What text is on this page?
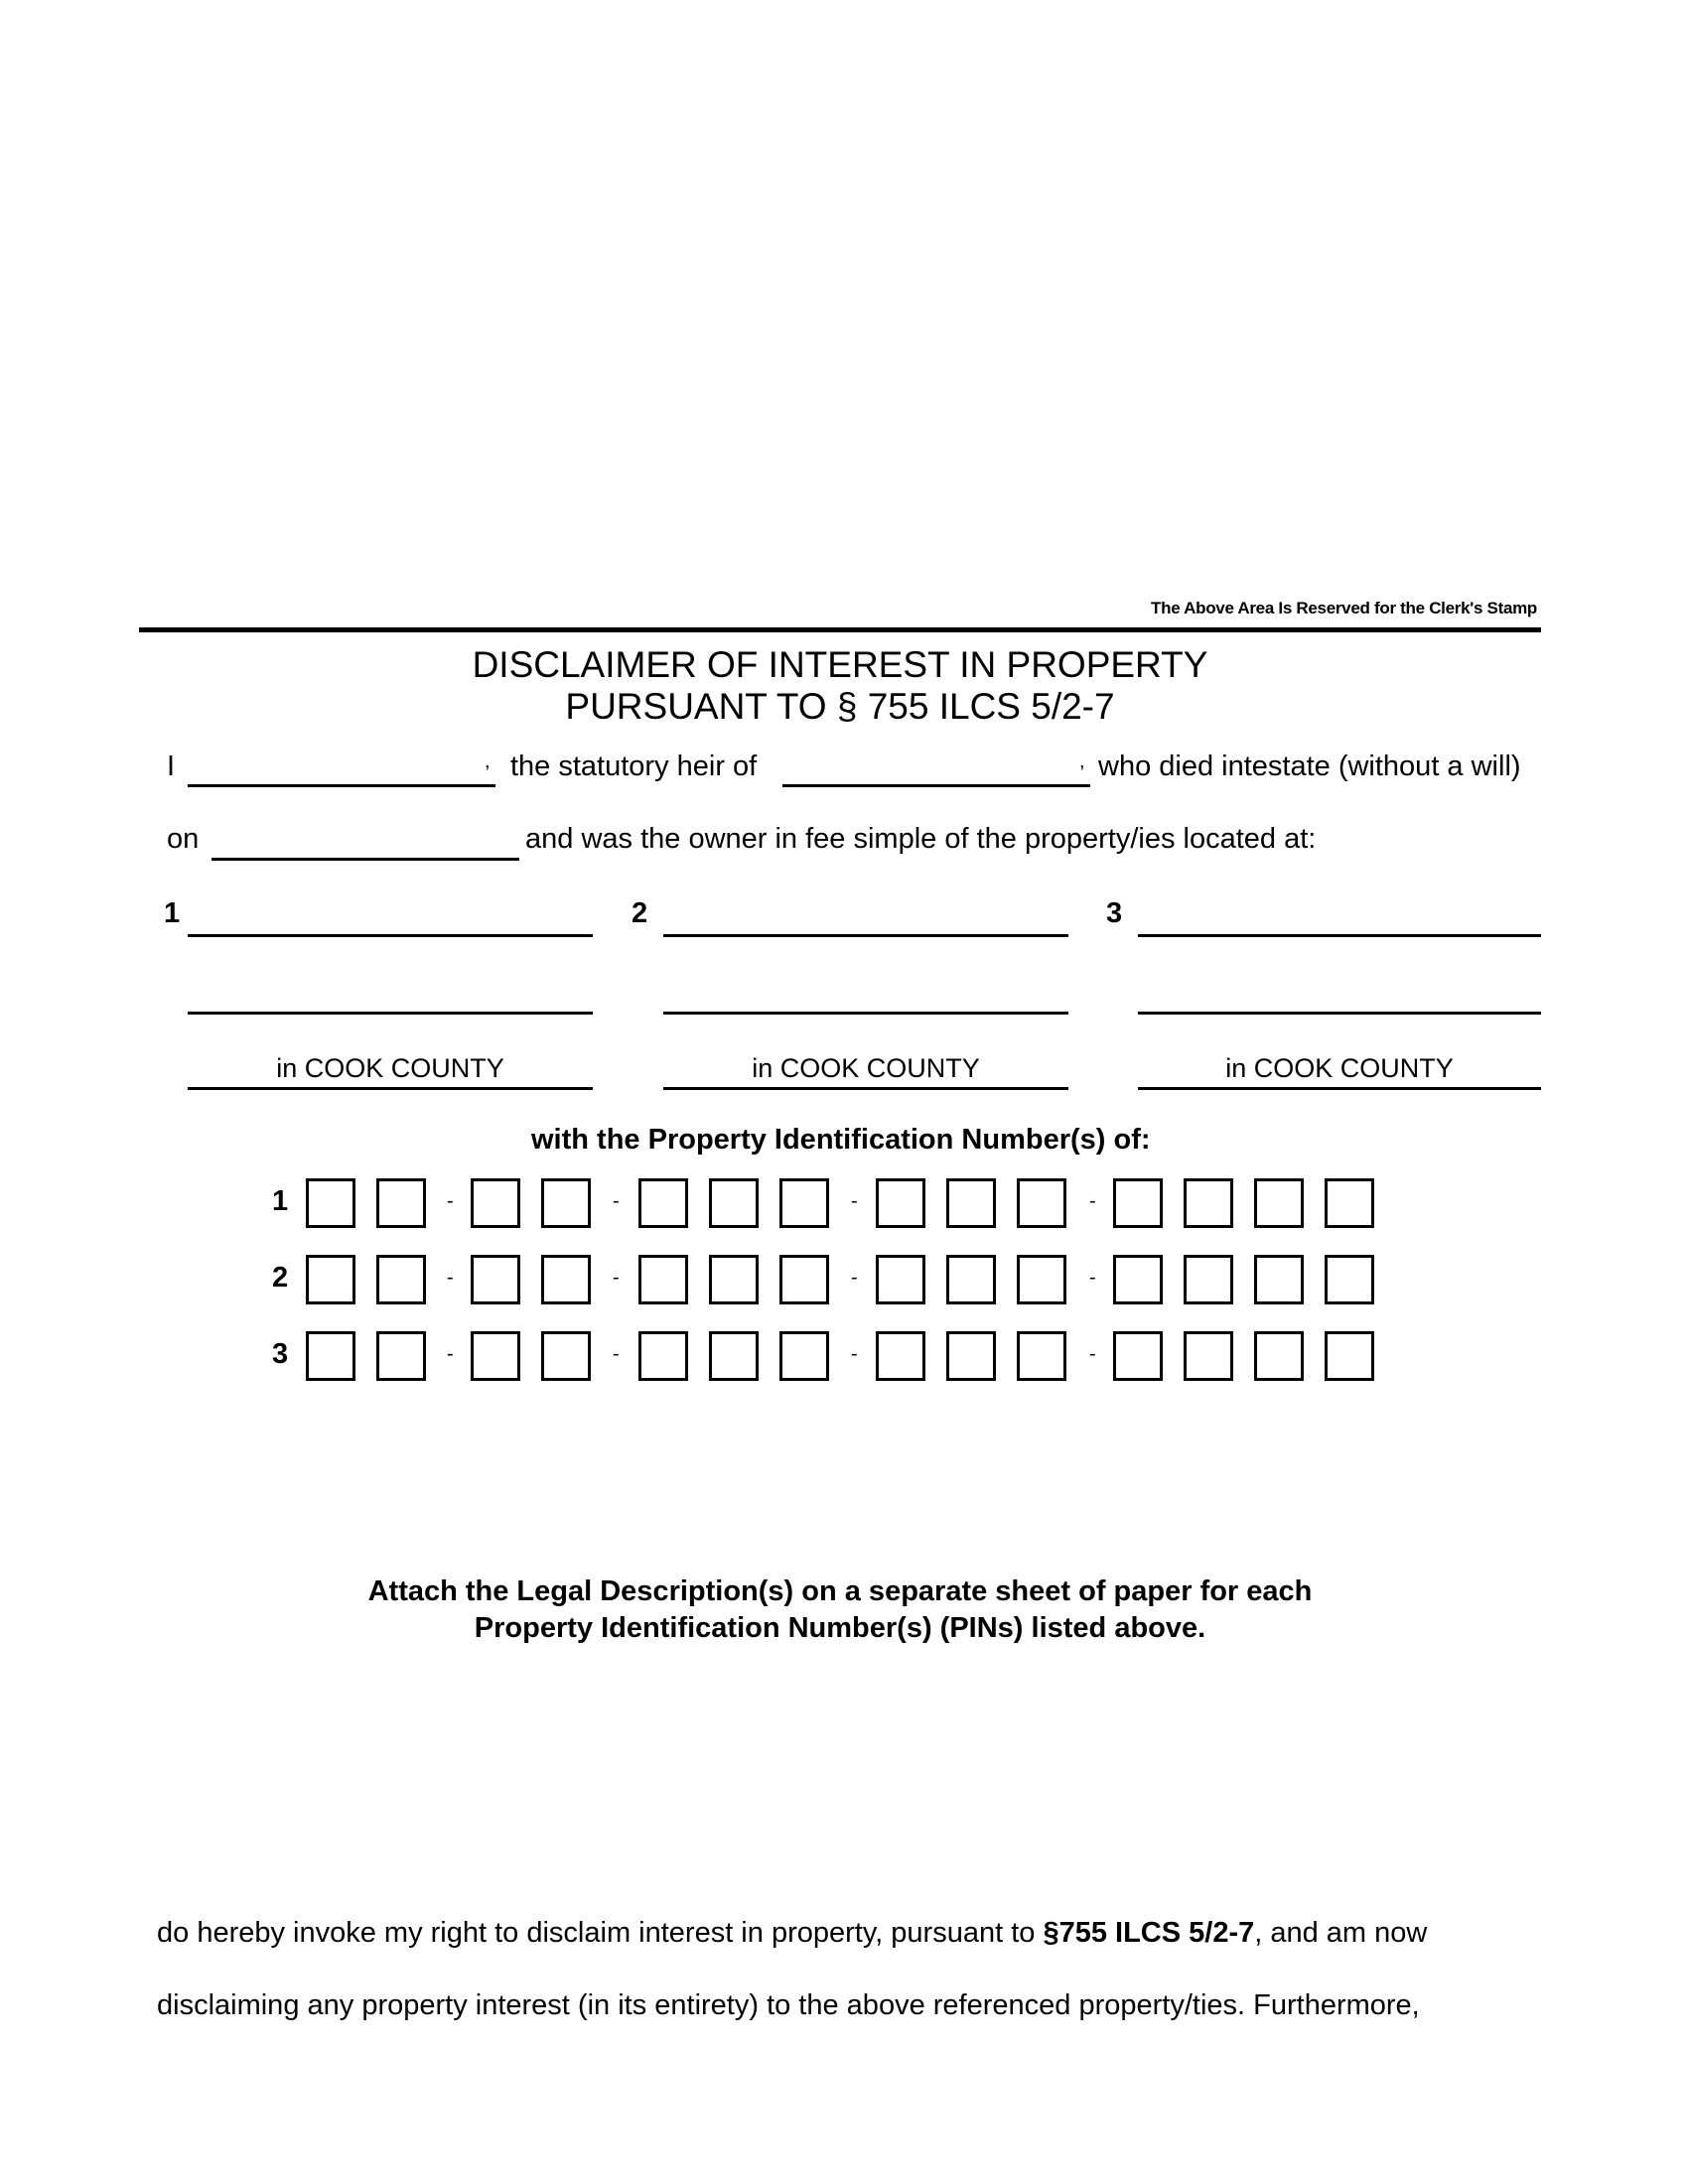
The Above Area Is Reserved for the Clerk's Stamp
DISCLAIMER OF INTEREST IN PROPERTY
PURSUANT TO § 755 ILCS 5/2-7
I	, the statutory heir of	, who died intestate (without a will)
on	and was the owner in fee simple of the property/ies located at:
1
in COOK COUNTY
2
in COOK COUNTY
3
in COOK COUNTY
with the Property Identification Number(s) of:
1	-	-	-	-
2	-	-	-	-
3	-	-	-	-
Attach the Legal Description(s) on a separate sheet of paper for each
Property Identification Number(s) (PINs) listed above.
do hereby invoke my right to disclaim interest in property, pursuant to §755 ILCS 5/2-7, and am now
disclaiming any property interest (in its entirety) to the above referenced property/ties. Furthermore,
